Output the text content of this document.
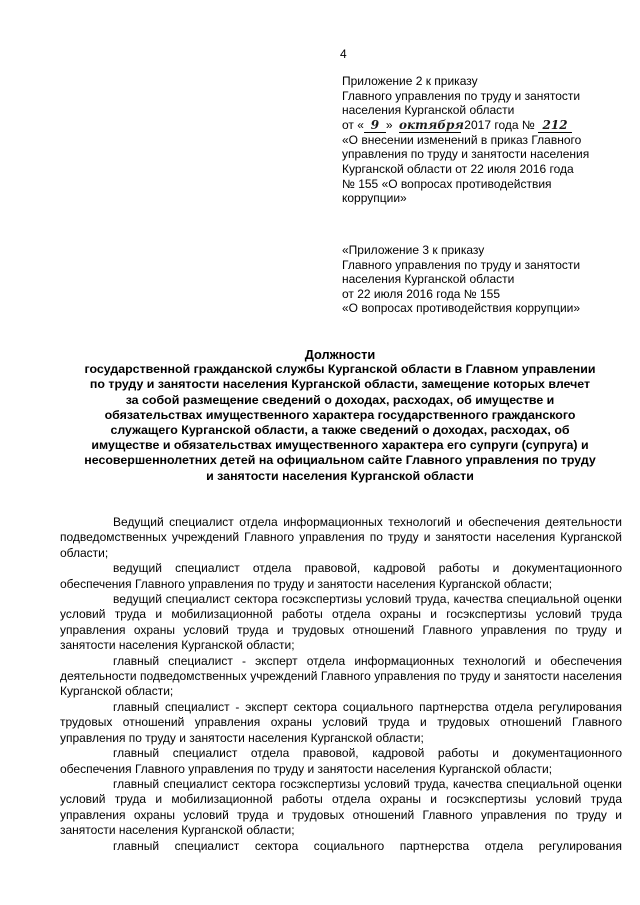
4
Приложение 2 к приказу
Главного управления по труду и занятости
населения Курганской области
от « 9 » октября 2017 года № 212
«О внесении изменений в приказ Главного
управления по труду и занятости населения
Курганской области от 22 июля 2016 года
№ 155 «О вопросах противодействия
коррупции»
«Приложение 3 к приказу
Главного управления по труду и занятости
населения Курганской области
от 22 июля 2016 года № 155
«О вопросах противодействия коррупции»
Должности
государственной гражданской службы Курганской области в Главном управлении
по труду и занятости населения Курганской области, замещение которых влечет
за собой размещение сведений о доходах, расходах, об имуществе и
обязательствах имущественного характера государственного гражданского
служащего Курганской области, а также сведений о доходах, расходах, об
имуществе и обязательствах имущественного характера его супруги (супруга) и
несовершеннолетних детей на официальном сайте Главного управления по труду
и занятости населения Курганской области

Ведущий специалист отдела информационных технологий и обеспечения деятельности подведомственных учреждений Главного управления по труду и занятости населения Курганской области;

ведущий специалист отдела правовой, кадровой работы и документационного обеспечения Главного управления по труду и занятости населения Курганской области;

ведущий специалист сектора госэкспертизы условий труда, качества специальной оценки условий труда и мобилизационной работы отдела охраны и госэкспертизы условий труда управления охраны условий труда и трудовых отношений Главного управления по труду и занятости населения Курганской области;

главный специалист - эксперт отдела информационных технологий и обеспечения деятельности подведомственных учреждений Главного управления по труду и занятости населения Курганской области;

главный специалист - эксперт сектора социального партнерства отдела регулирования трудовых отношений управления охраны условий труда и трудовых отношений Главного управления по труду и занятости населения Курганской области;

главный специалист отдела правовой, кадровой работы и документационного обеспечения Главного управления по труду и занятости населения Курганской области;

главный специалист сектора госэкспертизы условий труда, качества специальной оценки условий труда и мобилизационной работы отдела охраны и госэкспертизы условий труда управления охраны условий труда и трудовых отношений Главного управления по труду и занятости населения Курганской области;

главный специалист сектора социального партнерства отдела регулирования
